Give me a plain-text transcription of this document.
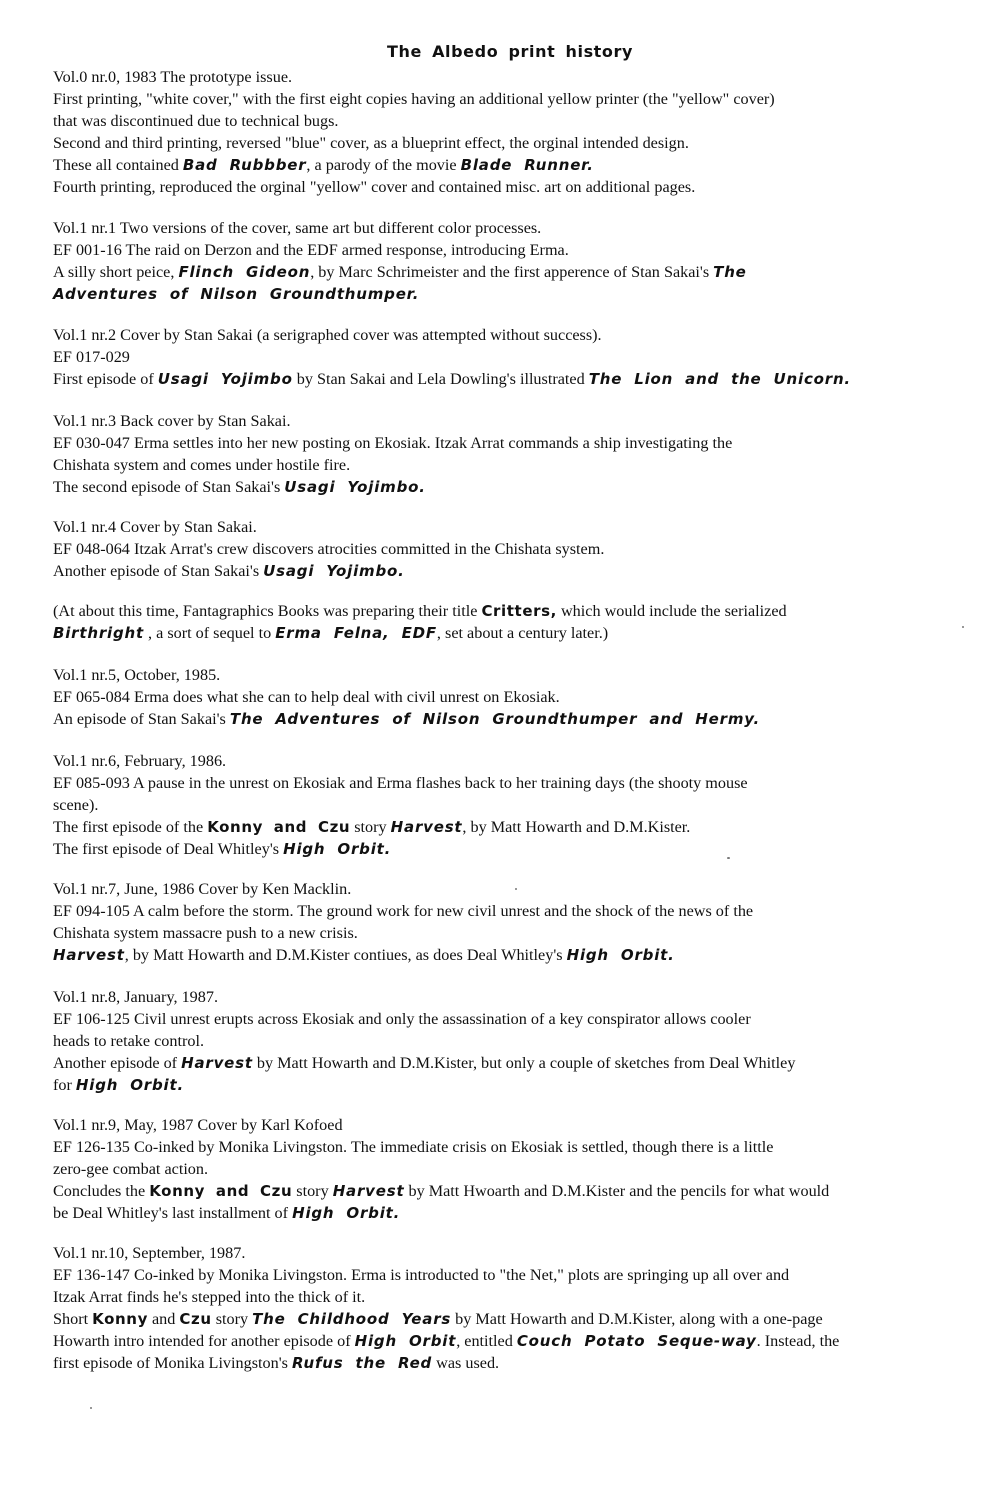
The Albedo print history
Vol.0 nr.0, 1983 The prototype issue.
First printing, "white cover," with the first eight copies having an additional yellow printer (the "yellow" cover)
that was discontinued due to technical bugs.
Second and third printing, reversed "blue" cover, as a blueprint effect, the orginal intended design.
These all contained Bad Rubbber, a parody of the movie Blade Runner.
Fourth printing, reproduced the orginal "yellow" cover and contained misc. art on additional pages.
Vol.1 nr.1 Two versions of the cover, same art but different color processes.
EF 001-16 The raid on Derzon and the EDF armed response, introducing Erma.
A silly short peice, Flinch Gideon, by Marc Schrimeister and the first apperence of Stan Sakai's The
Adventures of Nilson Groundthumper.
Vol.1 nr.2 Cover by Stan Sakai (a serigraphed cover was attempted without success).
EF 017-029
First episode of Usagi Yojimbo by Stan Sakai and Lela Dowling's illustrated The Lion and the Unicorn.
Vol.1 nr.3 Back cover by Stan Sakai.
EF 030-047 Erma settles into her new posting on Ekosiak. Itzak Arrat commands a ship investigating the
Chishata system and comes under hostile fire.
The second episode of Stan Sakai's Usagi Yojimbo.
Vol.1 nr.4 Cover by Stan Sakai.
EF 048-064 Itzak Arrat's crew discovers atrocities committed in the Chishata system.
Another episode of Stan Sakai's Usagi Yojimbo.
(At about this time, Fantagraphics Books was preparing their title Critters, which would include the serialized
Birthright , a sort of sequel to Erma Felna, EDF, set about a century later.)
Vol.1 nr.5, October, 1985.
EF 065-084 Erma does what she can to help deal with civil unrest on Ekosiak.
An episode of Stan Sakai's The Adventures of Nilson Groundthumper and Hermy.
Vol.1 nr.6, February, 1986.
EF 085-093 A pause in the unrest on Ekosiak and Erma flashes back to her training days (the shooty mouse
scene).
The first episode of the Konny and Czu story Harvest, by Matt Howarth and D.M.Kister.
The first episode of Deal Whitley's High Orbit.
Vol.1 nr.7, June, 1986 Cover by Ken Macklin.
EF 094-105 A calm before the storm. The ground work for new civil unrest and the shock of the news of the
Chishata system massacre push to a new crisis.
Harvest, by Matt Howarth and D.M.Kister contiues, as does Deal Whitley's High Orbit.
Vol.1 nr.8, January, 1987.
EF 106-125 Civil unrest erupts across Ekosiak and only the assassination of a key conspirator allows cooler
heads to retake control.
Another episode of Harvest by Matt Howarth and D.M.Kister, but only a couple of sketches from Deal Whitley
for High Orbit.
Vol.1 nr.9, May, 1987 Cover by Karl Kofoed
EF 126-135 Co-inked by Monika Livingston. The immediate crisis on Ekosiak is settled, though there is a little
zero-gee combat action.
Concludes the Konny and Czu story Harvest by Matt Hwoarth and D.M.Kister and the pencils for what would
be Deal Whitley's last installment of High Orbit.
Vol.1 nr.10, September, 1987.
EF 136-147 Co-inked by Monika Livingston. Erma is introducted to "the Net," plots are springing up all over and
Itzak Arrat finds he's stepped into the thick of it.
Short Konny and Czu story The Childhood Years by Matt Howarth and D.M.Kister, along with a one-page
Howarth intro intended for another episode of High Orbit, entitled Couch Potato Seque-way. Instead, the
first episode of Monika Livingston's Rufus the Red was used.
